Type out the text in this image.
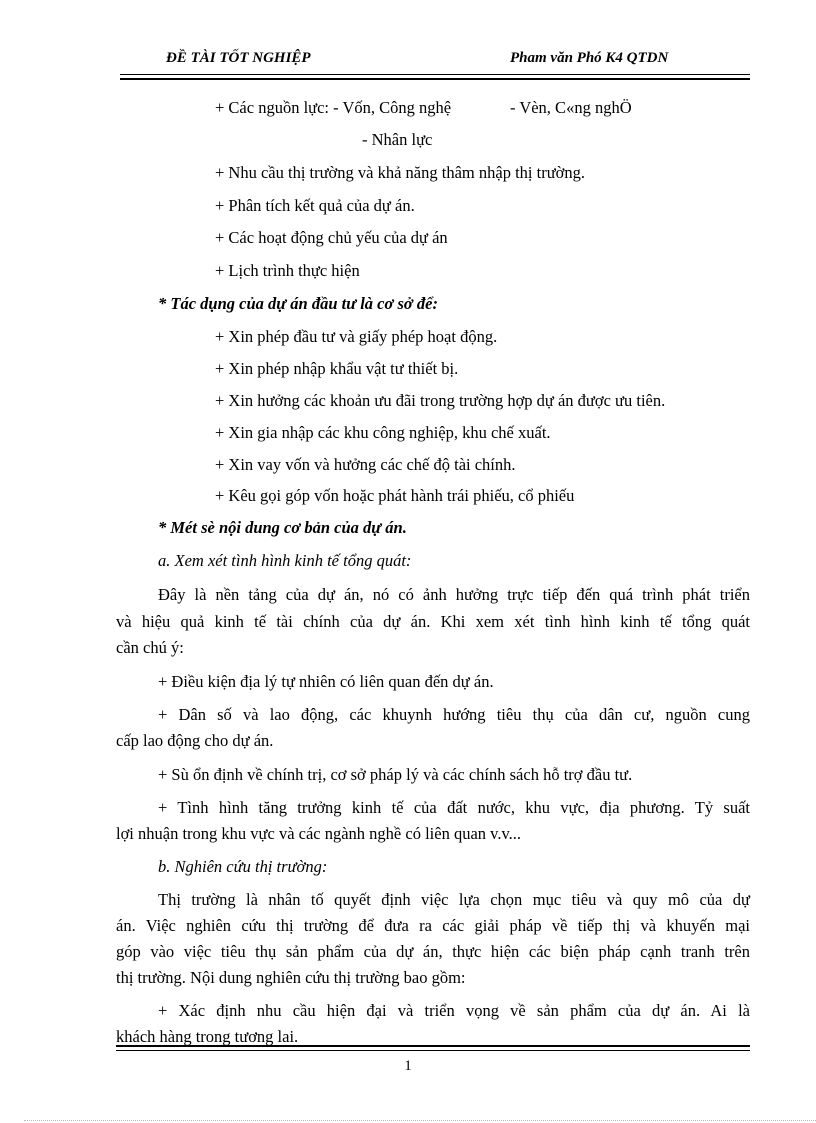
ĐỀ TÀI TỐT NGHIỆP	Pham văn Phó K4 QTDN
+ Các nguồn lực: - Vốn, Công nghệ	- Vèn, C«ng nghÖ
- Nhân lực
+ Nhu cầu thị trường và khả năng thâm nhập thị trường.
+ Phân tích kết quả của dự án.
+ Các hoạt động chủ yếu của dự án
+ Lịch trình thực hiện
* Tác dụng của dự án đầu tư là cơ sở để:
+ Xin phép đầu tư và giấy phép hoạt động.
+ Xin phép nhập khẩu vật tư thiết bị.
+ Xin hưởng các khoản ưu đãi trong trường hợp dự án được ưu tiên.
+ Xin gia nhập các khu công nghiệp, khu chế xuất.
+ Xin vay vốn và hưởng các chế độ tài chính.
+ Kêu gọi góp vốn hoặc phát hành trái phiếu, cổ phiếu
* Mét sè nội dung cơ bản của dự án.
a. Xem xét tình hình kinh tế tổng quát:
Đây là nền tảng của dự án, nó có ảnh hưởng trực tiếp đến quá trình phát triển
và hiệu quả kinh tế tài chính của dự án. Khi xem xét tình hình kinh tế tổng quát
cần chú ý:
+ Điều kiện địa lý tự nhiên có liên quan đến dự án.
+ Dân số và lao động, các khuynh hướng tiêu thụ của dân cư, nguồn cung
cấp lao động cho dự án.
+ Sù ổn định về chính trị, cơ sở pháp lý và các chính sách hỗ trợ đầu tư.
+ Tình hình tăng trưởng kinh tế của đất nước, khu vực, địa phương. Tỷ suất
lợi nhuận trong khu vực và các ngành nghề có liên quan v.v...
b. Nghiên cứu thị trường:
Thị trường là nhân tố quyết định việc lựa chọn mục tiêu và quy mô của dự
án. Việc nghiên cứu thị trường để đưa ra các giải pháp về tiếp thị và khuyến mại
góp vào việc tiêu thụ sản phẩm của dự án, thực hiện các biện pháp cạnh tranh trên
thị trường. Nội dung nghiên cứu thị trường bao gồm:
+ Xác định nhu cầu hiện đại và triển vọng về sản phẩm của dự án. Ai là
khách hàng trong tương lai.
1
